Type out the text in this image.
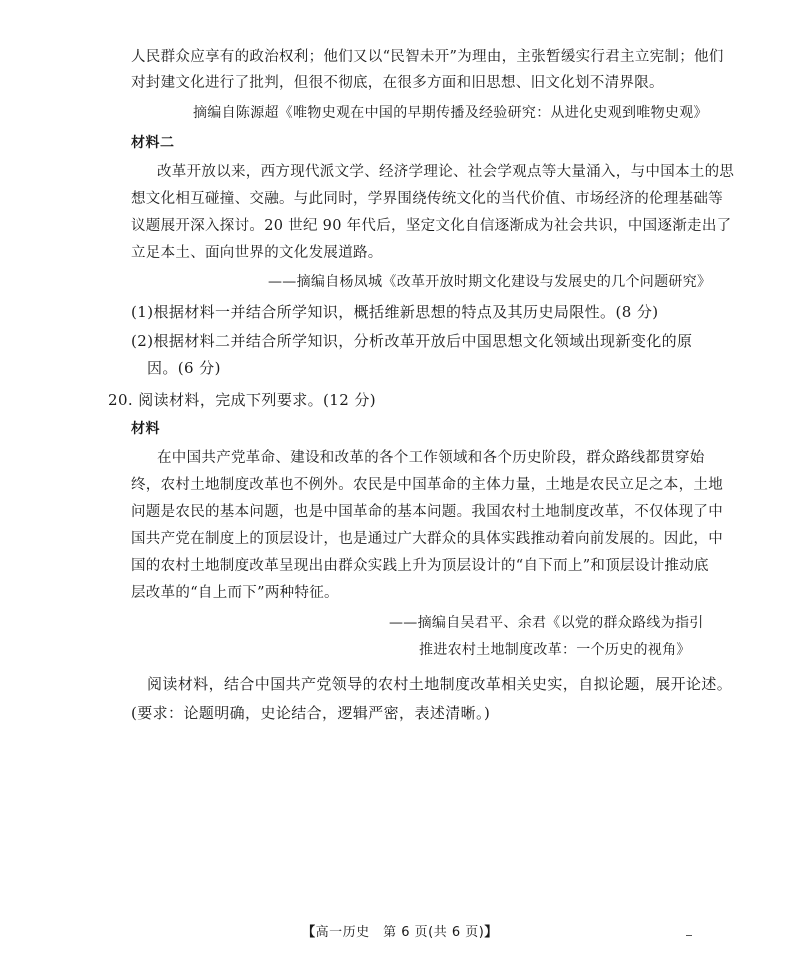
人民群众应享有的政治权利；他们又以“民智未开”为理由，主张暂缓实行君主立宪制；他们
对封建文化进行了批判，但很不彻底，在很多方面和旧思想、旧文化划不清界限。
摘编自陈源超《唯物史观在中国的早期传播及经验研究：从进化史观到唯物史观》
材料二
改革开放以来，西方现代派文学、经济学理论、社会学观点等大量涌入，与中国本土的思
想文化相互碰撞、交融。与此同时，学界围绕传统文化的当代价值、市场经济的伦理基础等
议题展开深入探讨。20 世纪 90 年代后，坚定文化自信逐渐成为社会共识，中国逐渐走出了
立足本土、面向世界的文化发展道路。
——摘编自杨凤城《改革开放时期文化建设与发展史的几个问题研究》
(1)根据材料一并结合所学知识，概括维新思想的特点及其历史局限性。(8 分)
(2)根据材料二并结合所学知识，分析改革开放后中国思想文化领域出现新变化的原
因。(6 分)
20. 阅读材料，完成下列要求。(12 分)
材料
在中国共产党革命、建设和改革的各个工作领域和各个历史阶段，群众路线都贯穿始
终，农村土地制度改革也不例外。农民是中国革命的主体力量，土地是农民立足之本，土地
问题是农民的基本问题，也是中国革命的基本问题。我国农村土地制度改革，不仅体现了中
国共产党在制度上的顶层设计，也是通过广大群众的具体实践推动着向前发展的。因此，中
国的农村土地制度改革呈现出由群众实践上升为顶层设计的“自下而上”和顶层设计推动底
层改革的“自上而下”两种特征。
——摘编自吴君平、余君《以党的群众路线为指引
推进农村土地制度改革：一个历史的视角》
阅读材料，结合中国共产党领导的农村土地制度改革相关史实，自拟论题，展开论述。
(要求：论题明确，史论结合，逻辑严密，表述清晰。)
【高一历史　第 6 页(共 6 页)】
